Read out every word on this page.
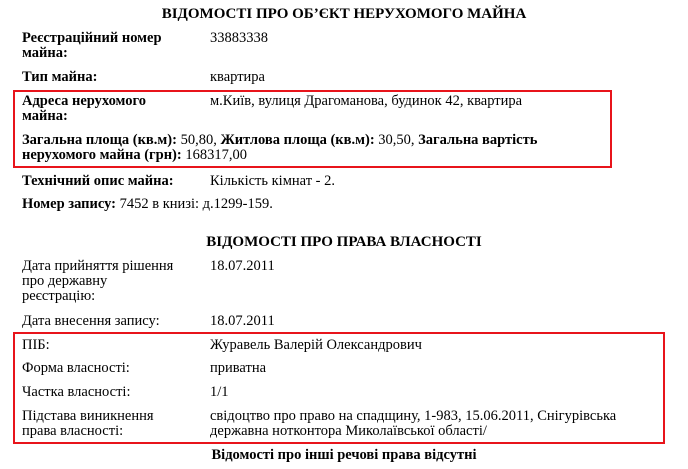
ВІДОМОСТІ ПРО ОБ’ЄКТ НЕРУХОМОГО МАЙНА
Реєстраційний номер
майна:
33883338
Тип майна:	квартира
Адреса нерухомого
майна:
м.Київ, вулиця Драгоманова, будинок 42, квартира
Загальна площа (кв.м): 50,80, Житлова площа (кв.м): 30,50, Загальна вартість
нерухомого майна (грн): 168317,00
Технічний опис майна:	Кількість кімнат - 2.
Номер запису: 7452 в книзі: д.1299-159.
ВІДОМОСТІ ПРО ПРАВА ВЛАСНОСТІ
Дата прийняття рішення
про державну
реєстрацію:
18.07.2011
Дата внесення запису:	18.07.2011
ПІБ:	Журавель Валерій Олександрович
Форма власності:	приватна
Частка власності:	1/1
Підстава виникнення
права власності:
свідоцтво про право на спадщину, 1-983, 15.06.2011, Снігурівська
державна нотконтора Миколаївської області/
Відомості про інші речові права відсутні
